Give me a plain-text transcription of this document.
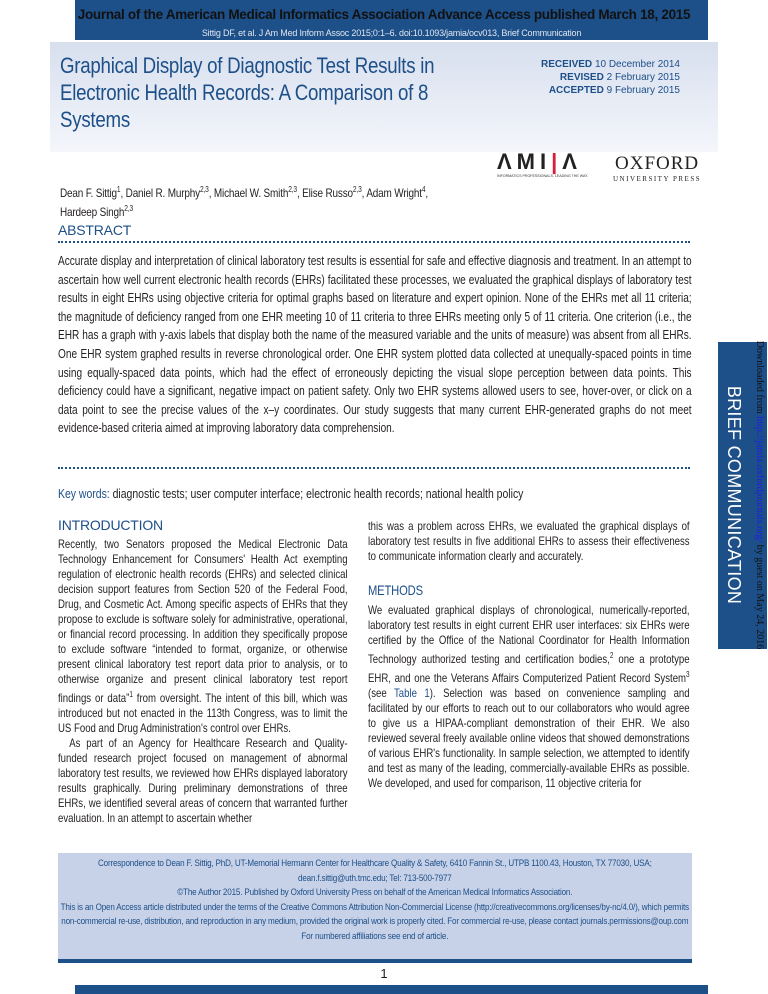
Journal of the American Medical Informatics Association Advance Access published March 18, 2015
Sittig DF, et al. J Am Med Inform Assoc 2015;0:1–6. doi:10.1093/jamia/ocv013, Brief Communication
Graphical Display of Diagnostic Test Results in Electronic Health Records: A Comparison of 8 Systems
RECEIVED 10 December 2014
REVISED 2 February 2015
ACCEPTED 9 February 2015
Dean F. Sittig$^1$, Daniel R. Murphy$^{2,3}$, Michael W. Smith$^{2,3}$, Elise Russo$^{2,3}$, Adam Wright$^4$,
Hardeep Singh$^{2,3}$
ΛMI|Λ
INFORMATICS PROFESSIONALS. LEADING THE WAY.
OXFORD
UNIVERSITY PRESS
ABSTRACT

Accurate display and interpretation of clinical laboratory test results is essential for safe and effective diagnosis and treatment. In an attempt to ascertain how well current electronic health records (EHRs) facilitated these processes, we evaluated the graphical displays of laboratory test results in eight EHRs using objective criteria for optimal graphs based on literature and expert opinion. None of the EHRs met all 11 criteria; the magnitude of deficiency ranged from one EHR meeting 10 of 11 criteria to three EHRs meeting only 5 of 11 criteria. One criterion (i.e., the EHR has a graph with y-axis labels that display both the name of the measured variable and the units of measure) was absent from all EHRs. One EHR system graphed results in reverse chronological order. One EHR system plotted data collected at unequally-spaced points in time using equally-spaced data points, which had the effect of erroneously depicting the visual slope perception between data points. This deficiency could have a significant, negative impact on patient safety. Only two EHR systems allowed users to see, hover-over, or click on a data point to see the precise values of the x–y coordinates. Our study suggests that many current EHR-generated graphs do not meet evidence-based criteria aimed at improving laboratory data comprehension.

Key words: diagnostic tests; user computer interface; electronic health records; national health policy
INTRODUCTION

Recently, two Senators proposed the Medical Electronic Data Technology Enhancement for Consumers' Health Act exempting regulation of electronic health records (EHRs) and selected clinical decision support features from Section 520 of the Federal Food, Drug, and Cosmetic Act. Among specific aspects of EHRs that they propose to exclude is software solely for administrative, operational, or financial record processing. In addition they specifically propose to exclude software “intended to format, organize, or otherwise present clinical laboratory test report data prior to analysis, or to otherwise organize and present clinical laboratory test report findings or data”$^1$ from oversight. The intent of this bill, which was introduced but not enacted in the 113th Congress, was to limit the US Food and Drug Administration's control over EHRs.

As part of an Agency for Healthcare Research and Quality-funded research project focused on management of abnormal laboratory test results, we reviewed how EHRs displayed laboratory results graphically. During preliminary demonstrations of three EHRs, we identified several areas of concern that warranted further evaluation. In an attempt to ascertain whether

this was a problem across EHRs, we evaluated the graphical displays of laboratory test results in five additional EHRs to assess their effectiveness to communicate information clearly and accurately.

METHODS

We evaluated graphical displays of chronological, numerically-reported, laboratory test results in eight current EHR user interfaces: six EHRs were certified by the Office of the National Coordinator for Health Information Technology authorized testing and certification bodies,$^2$ one a prototype EHR, and one the Veterans Affairs Computerized Patient Record System$^3$ (see Table 1). Selection was based on convenience sampling and facilitated by our efforts to reach out to our collaborators who would agree to give us a HIPAA-compliant demonstration of their EHR. We also reviewed several freely available online videos that showed demonstrations of various EHR's functionality. In sample selection, we attempted to identify and test as many of the leading, commercially-available EHRs as possible. We developed, and used for comparison, 11 objective criteria for

Correspondence to Dean F. Sittig, PhD, UT-Memorial Hermann Center for Healthcare Quality & Safety, 6410 Fannin St., UTPB 1100.43, Houston, TX 77030, USA; dean.f.sittig@uth.tmc.edu; Tel: 713-500-7977
©The Author 2015. Published by Oxford University Press on behalf of the American Medical Informatics Association.
This is an Open Access article distributed under the terms of the Creative Commons Attribution Non-Commercial License (http://creativecommons.org/licenses/by-nc/4.0/), which permits non-commercial re-use, distribution, and reproduction in any medium, provided the original work is properly cited. For commercial re-use, please contact journals.permissions@oup.com
For numbered affiliations see end of article.
1
BRIEF COMMUNICATION
Downloaded from http://jamia.oxfordjournals.org/ by guest on May 24, 2016
